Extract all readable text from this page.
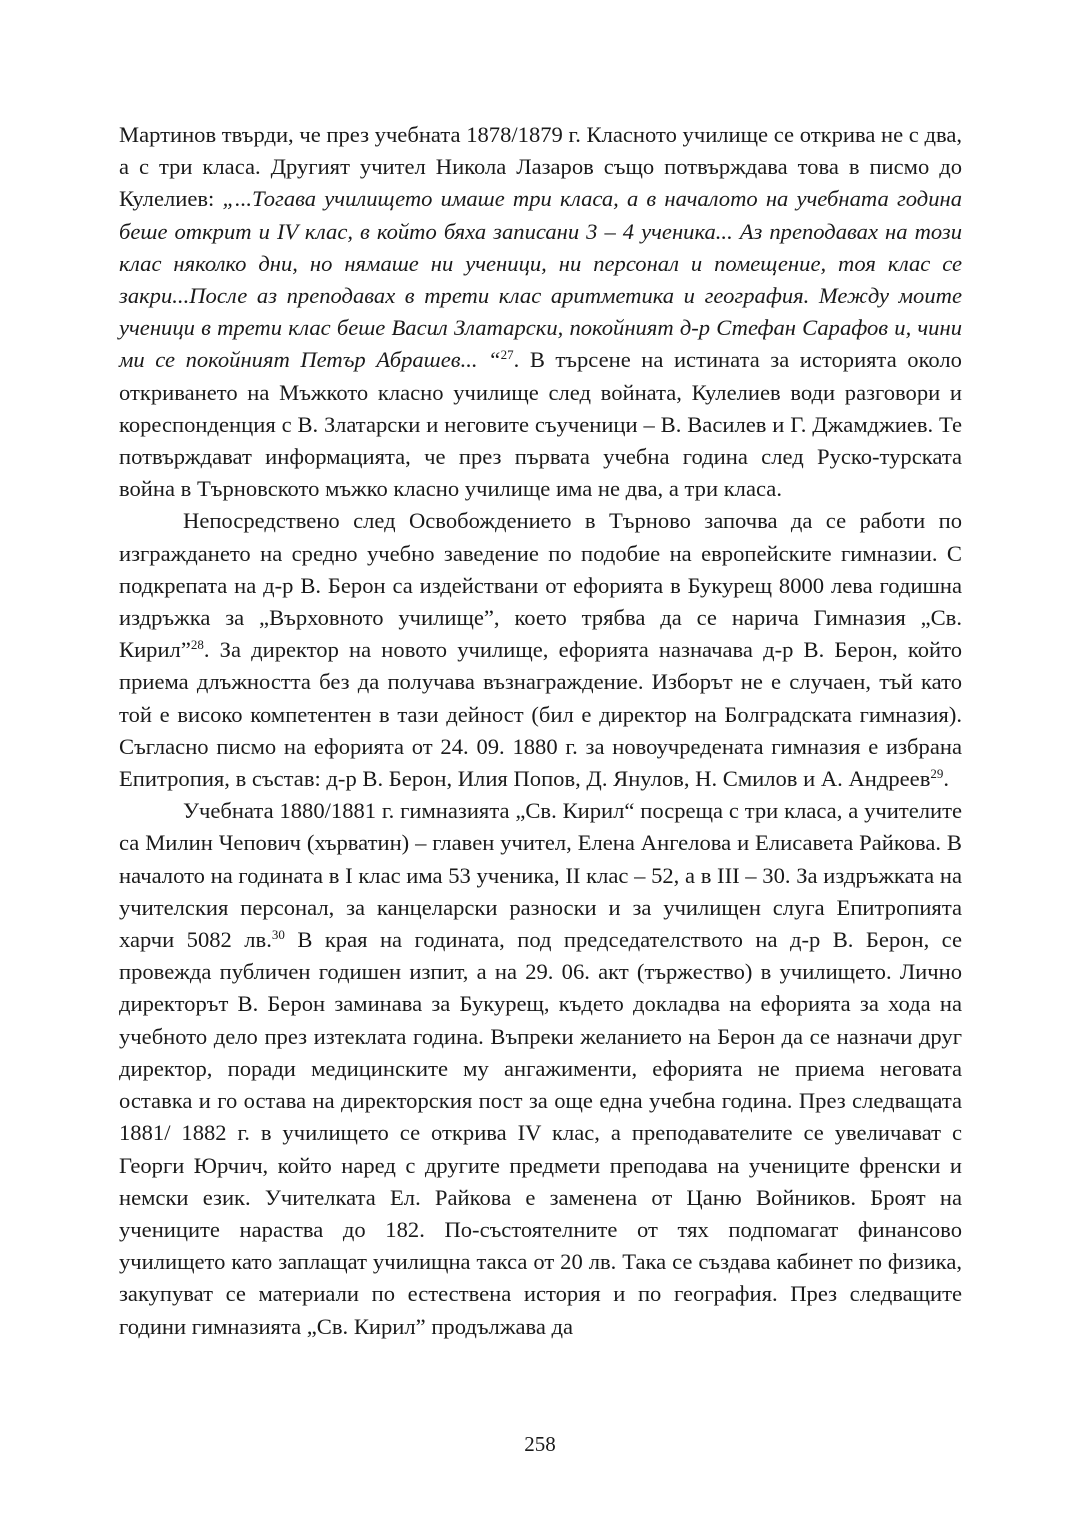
Мартинов твърди, че през учебната 1878/1879 г. Класното училище се открива не с два, а с три класа. Другият учител Никола Лазаров също потвърждава това в писмо до Кулелиев: „...Тогава училището имаше три класа, а в началото на учебната година беше открит и IV клас, в който бяха записани 3 – 4 ученика... Аз преподавах на този клас няколко дни, но нямаше ни ученици, ни персонал и помещение, тоя клас се закри...После аз преподавах в трети клас аритметика и география. Между моите ученици в трети клас беше Васил Златарски, покойният д-р Стефан Сарафов и, чини ми се покойният Петър Абрашев... “$^{27}$. В търсене на истината за историята около откриването на Мъжкото класно училище след войната, Кулелиев води разговори и кореспонденция с В. Златарски и неговите съученици – В. Василев и Г. Джамджиев. Те потвърждават информацията, че през първата учебна година след Руско-турската война в Търновското мъжко класно училище има не два, а три класа.

Непосредствено след Освобождението в Търново започва да се работи по изграждането на средно учебно заведение по подобие на европейските гимназии. С подкрепата на д-р В. Берон са издействани от ефорията в Букурещ 8000 лева годишна издръжка за „Върховното училище”, което трябва да се нарича Гимназия „Св. Кирил”$^{28}$. За директор на новото училище, ефорията назначава д-р В. Берон, който приема длъжността без да получава възнаграждение. Изборът не е случаен, тъй като той е високо компетентен в тази дейност (бил е директор на Болградската гимназия). Съгласно писмо на ефорията от 24. 09. 1880 г. за новоучредената гимназия е избрана Епитропия, в състав: д-р В. Берон, Илия Попов, Д. Янулов, Н. Смилов и А. Андреев$^{29}$.

Учебната 1880/1881 г. гимназията „Св. Кирил“ посреща с три класа, а учителите са Милин Чепович (хърватин) – главен учител, Елена Ангелова и Елисавета Райкова. В началото на годината в I клас има 53 ученика, II клас – 52, а в III – 30. За издръжката на учителския персонал, за канцеларски разноски и за училищен слуга Епитропията харчи 5082 лв.$^{30}$ В края на годината, под председателството на д-р В. Берон, се провежда публичен годишен изпит, а на 29. 06. акт (тържество) в училището. Лично директорът В. Берон заминава за Букурещ, където докладва на ефорията за хода на учебното дело през изтеклата година. Въпреки желанието на Берон да се назначи друг директор, поради медицинските му ангажименти, ефорията не приема неговата оставка и го остава на директорския пост за още една учебна година. През следващата 1881/ 1882 г. в училището се открива IV клас, а преподавателите се увеличават с Георги Юрчич, който наред с другите предмети преподава на учениците френски и немски език. Учителката Ел. Райкова е заменена от Цаню Войников. Броят на учениците нараства до 182. По-състоятелните от тях подпомагат финансово училището като заплащат училищна такса от 20 лв. Така се създава кабинет по физика, закупуват се материали по естествена история и по география. През следващите години гимназията „Св. Кирил” продължава да

258
